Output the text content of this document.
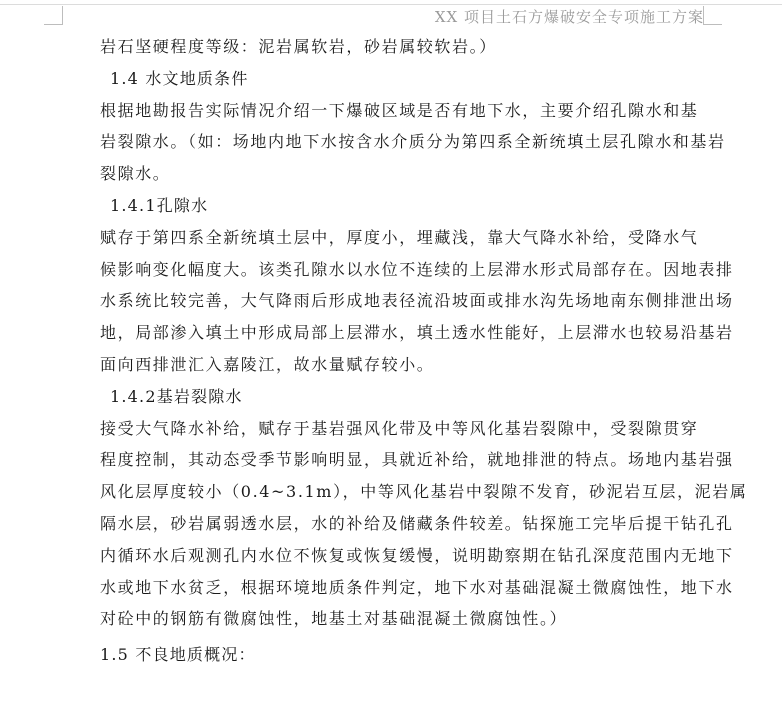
XX 项目土石方爆破安全专项施工方案
岩石坚硬程度等级：泥岩属软岩，砂岩属较软岩。）
1.4 水文地质条件
根据地勘报告实际情况介绍一下爆破区域是否有地下水，主要介绍孔隙水和基
岩裂隙水。（如：场地内地下水按含水介质分为第四系全新统填土层孔隙水和基岩
裂隙水。
1.4.1孔隙水
赋存于第四系全新统填土层中，厚度小，埋藏浅，靠大气降水补给，受降水气
候影响变化幅度大。该类孔隙水以水位不连续的上层滞水形式局部存在。因地表排
水系统比较完善，大气降雨后形成地表径流沿坡面或排水沟先场地南东侧排泄出场
地，局部渗入填土中形成局部上层滞水，填土透水性能好，上层滞水也较易沿基岩
面向西排泄汇入嘉陵江，故水量赋存较小。
1.4.2基岩裂隙水
接受大气降水补给，赋存于基岩强风化带及中等风化基岩裂隙中，受裂隙贯穿
程度控制，其动态受季节影响明显，具就近补给，就地排泄的特点。场地内基岩强
风化层厚度较小（0.4~3.1m），中等风化基岩中裂隙不发育，砂泥岩互层，泥岩属
隔水层，砂岩属弱透水层，水的补给及储藏条件较差。钻探施工完毕后提干钻孔孔
内循环水后观测孔内水位不恢复或恢复缓慢，说明勘察期在钻孔深度范围内无地下
水或地下水贫乏，根据环境地质条件判定，地下水对基础混凝土微腐蚀性，地下水
对砼中的钢筋有微腐蚀性，地基土对基础混凝土微腐蚀性。）
1.5 不良地质概况：
